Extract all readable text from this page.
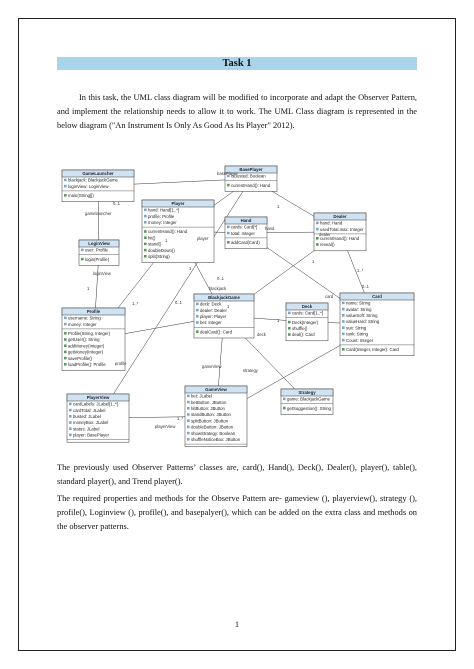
Task 1

In this task, the UML class diagram will be modified to incorporate and adapt the Observer Pattern, and implement the relationship needs to allow it to work. The UML Class diagram is represented in the below diagram ("An Instrument Is Only As Good As Its Player" 2012).

GameLauncher
blackjack: BlackjackGame
loginView: LoginView
main(String[])
BasePlayer
isBusted: Boolean
currentHand(): Hand
Player
hand: Hand[1..*]
profile: Profile
money: Integer
currentHand(): Hand
hit()
stand()
doubleDown()
split(String)
Hand
cards: Card[*]
total: Integer
addCard(Card)
Dealer
hand: Hand
usedTotal.max: Integer
currentHand(): Hand
reveal()
LoginView
user: Profile
login(Profile)
Profile
username: String
money: Integer
Profile(String, Integer)
getUser(): String
addMoney(Integer)
getMoney(Integer)
saveProfile()
loadProfile(): Profile
BlackjackGame
deck: Deck
dealer: Dealer
player: Player
bet: Integer
dealCard(): Card
Deck
cards: Card[1..*]
Deck(Integer)
shuffle()
deal(): Card
Card
name: String
avatar: String
valueSoft: String
valueHard: String
suit: String
rank: String
Count: Integer
Card(Integer, Integer): Card
PlayerView
cardLabels: JLabel[1..*]
cardTotal: JLabel
busted: JLabel
moneyBox: JLabel
status: JLabel
player: BasePlayer
GameView
bet: JLabel
betButton: JButton
hitButton: JButton
standButton: JButton
splitButton: JButton
doubleButton: JButton
showStrategy: Boolean
shuffleNoticeBox: JButton
Strategy
game: BlackjackGame
getSuggestion(): String
basePlayer
gamelauncher
loginView
0..1
1
hand
player
dealer
deck
card
profile
playerView
gameView
strategy
blackjack
0..1
0..1
1..*
1
1
1
1
0..1
1
1..*
1
1..*

The previously used Observer Patterns’ classes are, card(), Hand(), Deck(), Dealer(), player(), table(), standard player(), and Trend player().

The required properties and methods for the Observe Pattern are- gameview (), playerview(), strategy (), profile(), Loginview (), profile(), and basepalyer(), which can be added on the extra class and methods on the observer patterns.

1
